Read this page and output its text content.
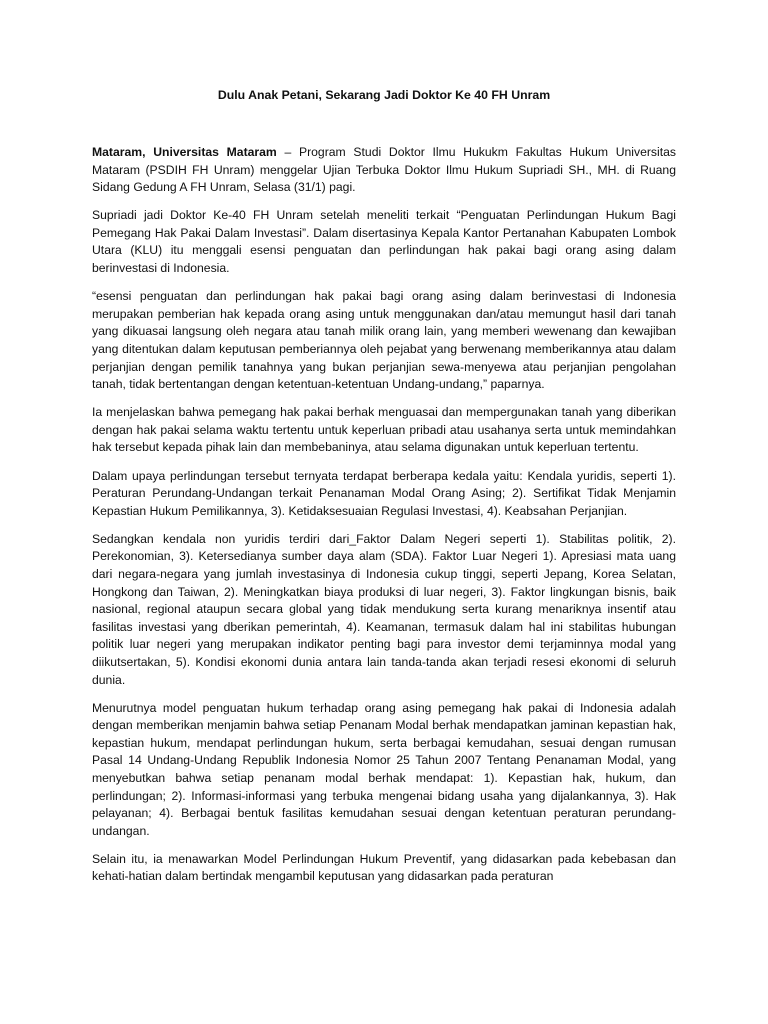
Dulu Anak Petani, Sekarang Jadi Doktor Ke 40 FH Unram

Mataram, Universitas Mataram – Program Studi Doktor Ilmu Hukukm Fakultas Hukum Universitas Mataram (PSDIH FH Unram) menggelar Ujian Terbuka Doktor Ilmu Hukum Supriadi SH., MH. di Ruang Sidang Gedung A FH Unram, Selasa (31/1) pagi.

Supriadi jadi Doktor Ke-40 FH Unram setelah meneliti terkait “Penguatan Perlindungan Hukum Bagi Pemegang Hak Pakai Dalam Investasi”. Dalam disertasinya Kepala Kantor Pertanahan Kabupaten Lombok Utara (KLU) itu menggali esensi penguatan dan perlindungan hak pakai bagi orang asing dalam berinvestasi di Indonesia.

“esensi penguatan dan perlindungan hak pakai bagi orang asing dalam berinvestasi di Indonesia merupakan pemberian hak kepada orang asing untuk menggunakan dan/atau memungut hasil dari tanah yang dikuasai langsung oleh negara atau tanah milik orang lain, yang memberi wewenang dan kewajiban yang ditentukan dalam keputusan pemberiannya oleh pejabat yang berwenang memberikannya atau dalam perjanjian dengan pemilik tanahnya yang bukan perjanjian sewa-menyewa atau perjanjian pengolahan tanah, tidak bertentangan dengan ketentuan-ketentuan Undang-undang,” paparnya.

Ia menjelaskan bahwa pemegang hak pakai berhak menguasai dan mempergunakan tanah yang diberikan dengan hak pakai selama waktu tertentu untuk keperluan pribadi atau usahanya serta untuk memindahkan hak tersebut kepada pihak lain dan membebaninya, atau selama digunakan untuk keperluan tertentu.

Dalam upaya perlindungan tersebut ternyata terdapat berberapa kedala yaitu: Kendala yuridis, seperti 1). Peraturan Perundang-Undangan terkait Penanaman Modal Orang Asing; 2). Sertifikat Tidak Menjamin Kepastian Hukum Pemilikannya, 3). Ketidaksesuaian Regulasi Investasi, 4). Keabsahan Perjanjian.

Sedangkan kendala non yuridis terdiri dari_Faktor Dalam Negeri seperti 1). Stabilitas politik, 2). Perekonomian, 3). Ketersedianya sumber daya alam (SDA). Faktor Luar Negeri 1). Apresiasi mata uang dari negara-negara yang jumlah investasinya di Indonesia cukup tinggi, seperti Jepang, Korea Selatan, Hongkong dan Taiwan, 2). Meningkatkan biaya produksi di luar negeri, 3). Faktor lingkungan bisnis, baik nasional, regional ataupun secara global yang tidak mendukung serta kurang menariknya insentif atau fasilitas investasi yang dberikan pemerintah, 4). Keamanan, termasuk dalam hal ini stabilitas hubungan politik luar negeri yang merupakan indikator penting bagi para investor demi terjaminnya modal yang diikutsertakan, 5). Kondisi ekonomi dunia antara lain tanda-tanda akan terjadi resesi ekonomi di seluruh dunia.

Menurutnya model penguatan hukum terhadap orang asing pemegang hak pakai di Indonesia adalah dengan memberikan menjamin bahwa setiap Penanam Modal berhak mendapatkan jaminan kepastian hak, kepastian hukum, mendapat perlindungan hukum, serta berbagai kemudahan, sesuai dengan rumusan Pasal 14 Undang-Undang Republik Indonesia Nomor 25 Tahun 2007 Tentang Penanaman Modal, yang menyebutkan bahwa setiap penanam modal berhak mendapat: 1). Kepastian hak, hukum, dan perlindungan; 2). Informasi-informasi yang terbuka mengenai bidang usaha yang dijalankannya, 3). Hak pelayanan; 4). Berbagai bentuk fasilitas kemudahan sesuai dengan ketentuan peraturan perundang-undangan.

Selain itu, ia menawarkan Model Perlindungan Hukum Preventif, yang didasarkan pada kebebasan dan kehati-hatian dalam bertindak mengambil keputusan yang didasarkan pada peraturan
